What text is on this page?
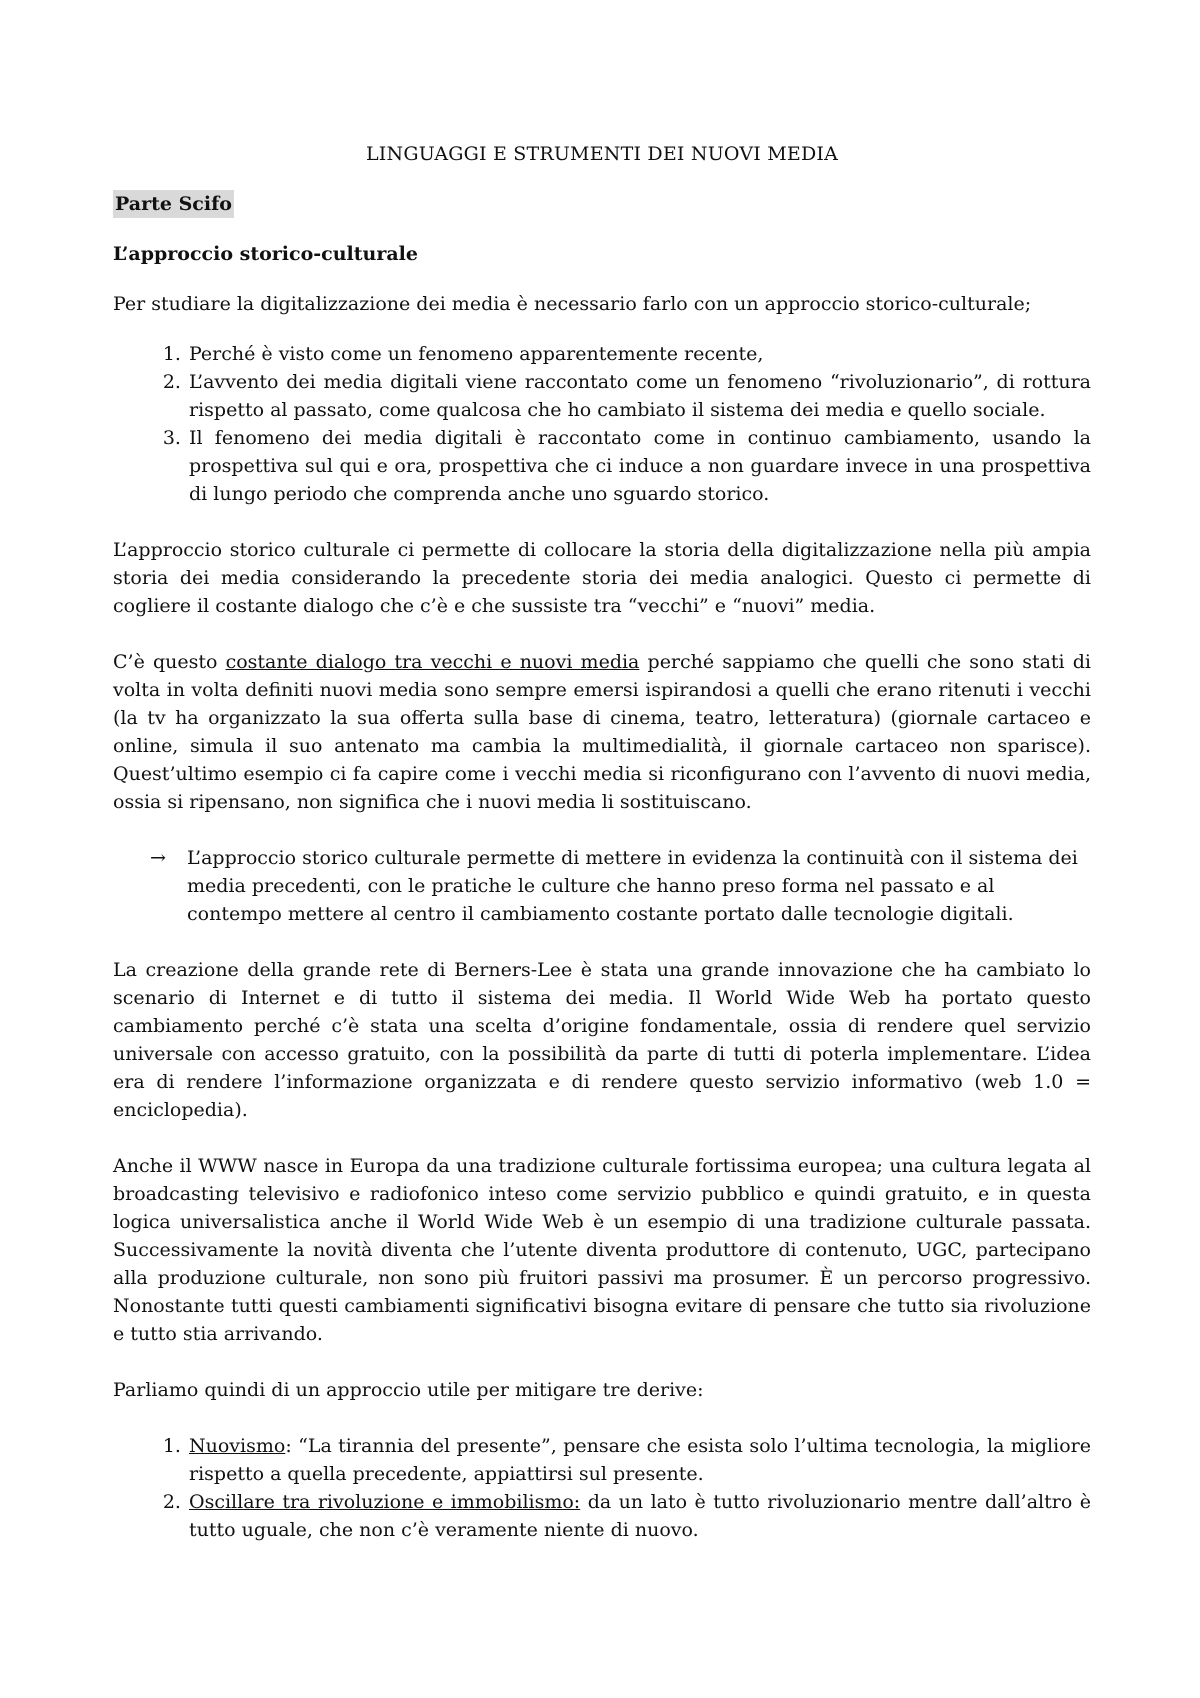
LINGUAGGI E STRUMENTI DEI NUOVI MEDIA
Parte Scifo
L’approccio storico-culturale

Per studiare la digitalizzazione dei media è necessario farlo con un approccio storico-culturale;

1. Perché è visto come un fenomeno apparentemente recente,
2. L’avvento dei media digitali viene raccontato come un fenomeno “rivoluzionario”, di rottura rispetto al passato, come qualcosa che ho cambiato il sistema dei media e quello sociale.
3. Il fenomeno dei media digitali è raccontato come in continuo cambiamento, usando la prospettiva sul qui e ora, prospettiva che ci induce a non guardare invece in una prospettiva di lungo periodo che comprenda anche uno sguardo storico.

L’approccio storico culturale ci permette di collocare la storia della digitalizzazione nella più ampia storia dei media considerando la precedente storia dei media analogici. Questo ci permette di cogliere il costante dialogo che c’è e che sussiste tra “vecchi” e “nuovi” media.

C’è questo costante dialogo tra vecchi e nuovi media perché sappiamo che quelli che sono stati di volta in volta definiti nuovi media sono sempre emersi ispirandosi a quelli che erano ritenuti i vecchi (la tv ha organizzato la sua offerta sulla base di cinema, teatro, letteratura) (giornale cartaceo e online, simula il suo antenato ma cambia la multimedialità, il giornale cartaceo non sparisce). Quest’ultimo esempio ci fa capire come i vecchi media si riconfigurano con l’avvento di nuovi media, ossia si ripensano, non significa che i nuovi media li sostituiscano.

→ L’approccio storico culturale permette di mettere in evidenza la continuità con il sistema dei media precedenti, con le pratiche le culture che hanno preso forma nel passato e al contempo mettere al centro il cambiamento costante portato dalle tecnologie digitali.

La creazione della grande rete di Berners-Lee è stata una grande innovazione che ha cambiato lo scenario di Internet e di tutto il sistema dei media. Il World Wide Web ha portato questo cambiamento perché c’è stata una scelta d’origine fondamentale, ossia di rendere quel servizio universale con accesso gratuito, con la possibilità da parte di tutti di poterla implementare. L’idea era di rendere l’informazione organizzata e di rendere questo servizio informativo (web 1.0 = enciclopedia).

Anche il WWW nasce in Europa da una tradizione culturale fortissima europea; una cultura legata al broadcasting televisivo e radiofonico inteso come servizio pubblico e quindi gratuito, e in questa logica universalistica anche il World Wide Web è un esempio di una tradizione culturale passata. Successivamente la novità diventa che l’utente diventa produttore di contenuto, UGC, partecipano alla produzione culturale, non sono più fruitori passivi ma prosumer. È un percorso progressivo. Nonostante tutti questi cambiamenti significativi bisogna evitare di pensare che tutto sia rivoluzione e tutto stia arrivando.

Parliamo quindi di un approccio utile per mitigare tre derive:

1. Nuovismo: “La tirannia del presente”, pensare che esista solo l’ultima tecnologia, la migliore rispetto a quella precedente, appiattirsi sul presente.
2. Oscillare tra rivoluzione e immobilismo: da un lato è tutto rivoluzionario mentre dall’altro è tutto uguale, che non c’è veramente niente di nuovo.
